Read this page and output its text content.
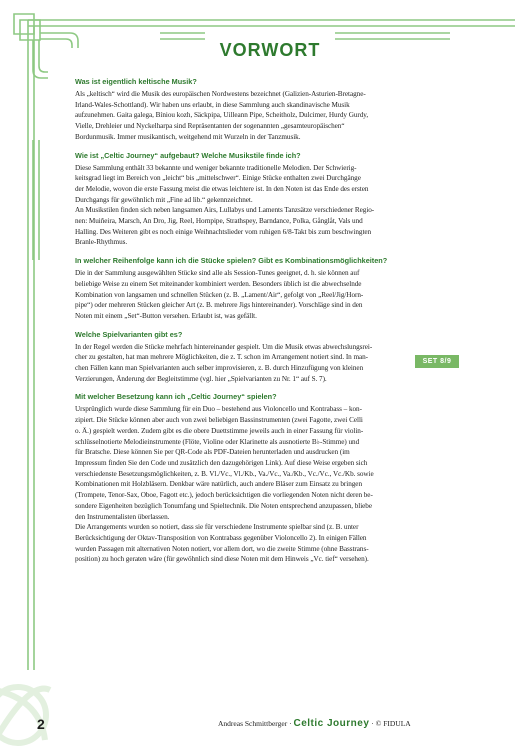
VORWORT

Was ist eigentlich keltische Musik?

Als „keltisch“ wird die Musik des europäischen Nordwestens bezeichnet (Galizien-Asturien-Bretagne-

Irland-Wales-Schottland). Wir haben uns erlaubt, in diese Sammlung auch skandinavische Musik

aufzunehmen. Gaita galega, Bíniou kozh, Säckpipa, Uilleann Pipe, Scheitholz, Dulcimer, Hurdy Gurdy,

Vielle, Drehleier und Nyckelharpa sind Repräsentanten der sogenannten „gesamteuropäischen“

Bordunmusik. Immer musikantisch, weitgehend mit Wurzeln in der Tanzmusik.

Wie ist „Celtic Journey“ aufgebaut? Welche Musikstile finde ich?

Diese Sammlung enthält 33 bekannte und weniger bekannte traditionelle Melodien. Der Schwierig-

keitsgrad liegt im Bereich von „leicht“ bis „mittelschwer“. Einige Stücke enthalten zwei Durchgänge

der Melodie, wovon die erste Fassung meist die etwas leichtere ist. In den Noten ist das Ende des ersten

Durchgangs für gewöhnlich mit „Fine ad lib.“ gekennzeichnet.

An Musikstilen finden sich neben langsamen Airs, Lullabys und Laments Tanzsätze verschiedener Regio-

nen: Muiñeira, Marsch, An Dro, Jig, Reel, Hornpipe, Strathspey, Barndance, Polka, Gånglåt, Vals und

Halling. Des Weiteren gibt es noch einige Weihnachtslieder vom ruhigen 6/8-Takt bis zum beschwingten

Branle-Rhythmus.

In welcher Reihenfolge kann ich die Stücke spielen? Gibt es Kombinationsmöglichkeiten?

Die in der Sammlung ausgewählten Stücke sind alle als Session-Tunes geeignet, d. h. sie können auf

beliebige Weise zu einem Set miteinander kombiniert werden. Besonders üblich ist die abwechselnde

Kombination von langsamen und schnellen Stücken (z. B. „Lament/Air“, gefolgt von „Reel/Jig/Horn-

pipe“) oder mehreren Stücken gleicher Art (z. B. mehrere Jigs hintereinander). Vorschläge sind in den

Noten mit einem „Set“-Button versehen. Erlaubt ist, was gefällt.

Welche Spielvarianten gibt es?

In der Regel werden die Stücke mehrfach hintereinander gespielt. Um die Musik etwas abwechslungsrei-

cher zu gestalten, hat man mehrere Möglichkeiten, die z. T. schon im Arrangement notiert sind. In man-

chen Fällen kann man Spielvarianten auch selber improvisieren, z. B. durch Hinzufügung von kleinen

Verzierungen, Änderung der Begleitstimme (vgl. hier „Spielvarianten zu Nr. 1“ auf S. 7).

Mit welcher Besetzung kann ich „Celtic Journey“ spielen?

Ursprünglich wurde diese Sammlung für ein Duo – bestehend aus Violoncello und Kontrabass – kon-

zipiert. Die Stücke können aber auch von zwei beliebigen Bassinstrumenten (zwei Fagotte, zwei Celli

o. Ä.) gespielt werden. Zudem gibt es die obere Duettstimme jeweils auch in einer Fassung für violin-

schlüsselnotierte Melodieinstrumente (Flöte, Violine oder Klarinette als ausnotierte B♭-Stimme) und

für Bratsche. Diese können Sie per QR-Code als PDF-Dateien herunterladen und ausdrucken (im

Impressum finden Sie den Code und zusätzlich den dazugehörigen Link). Auf diese Weise ergeben sich

verschiedenste Besetzungsmöglichkeiten, z. B. Vl./Vc., Vl./Kb., Va./Vc., Va./Kb., Vc./Vc., Vc./Kb. sowie

Kombinationen mit Holzbläsern. Denkbar wäre natürlich, auch andere Bläser zum Einsatz zu bringen

(Trompete, Tenor-Sax, Oboe, Fagott etc.), jedoch berücksichtigen die vorliegenden Noten nicht deren be-

sondere Eigenheiten bezüglich Tonumfang und Spieltechnik. Die Noten entsprechend anzupassen, bliebe

den Instrumentalisten überlassen.

Die Arrangements wurden so notiert, dass sie für verschiedene Instrumente spielbar sind (z. B. unter

Berücksichtigung der Oktav-Transposition von Kontrabass gegenüber Violoncello 2). In einigen Fällen

wurden Passagen mit alternativen Noten notiert, vor allem dort, wo die zweite Stimme (ohne Basstrans-

position) zu hoch geraten wäre (für gewöhnlich sind diese Noten mit dem Hinweis „Vc. tief“ versehen).

SET 8/9
2	Andreas Schmittberger · Celtic Journey · © FIDULA
